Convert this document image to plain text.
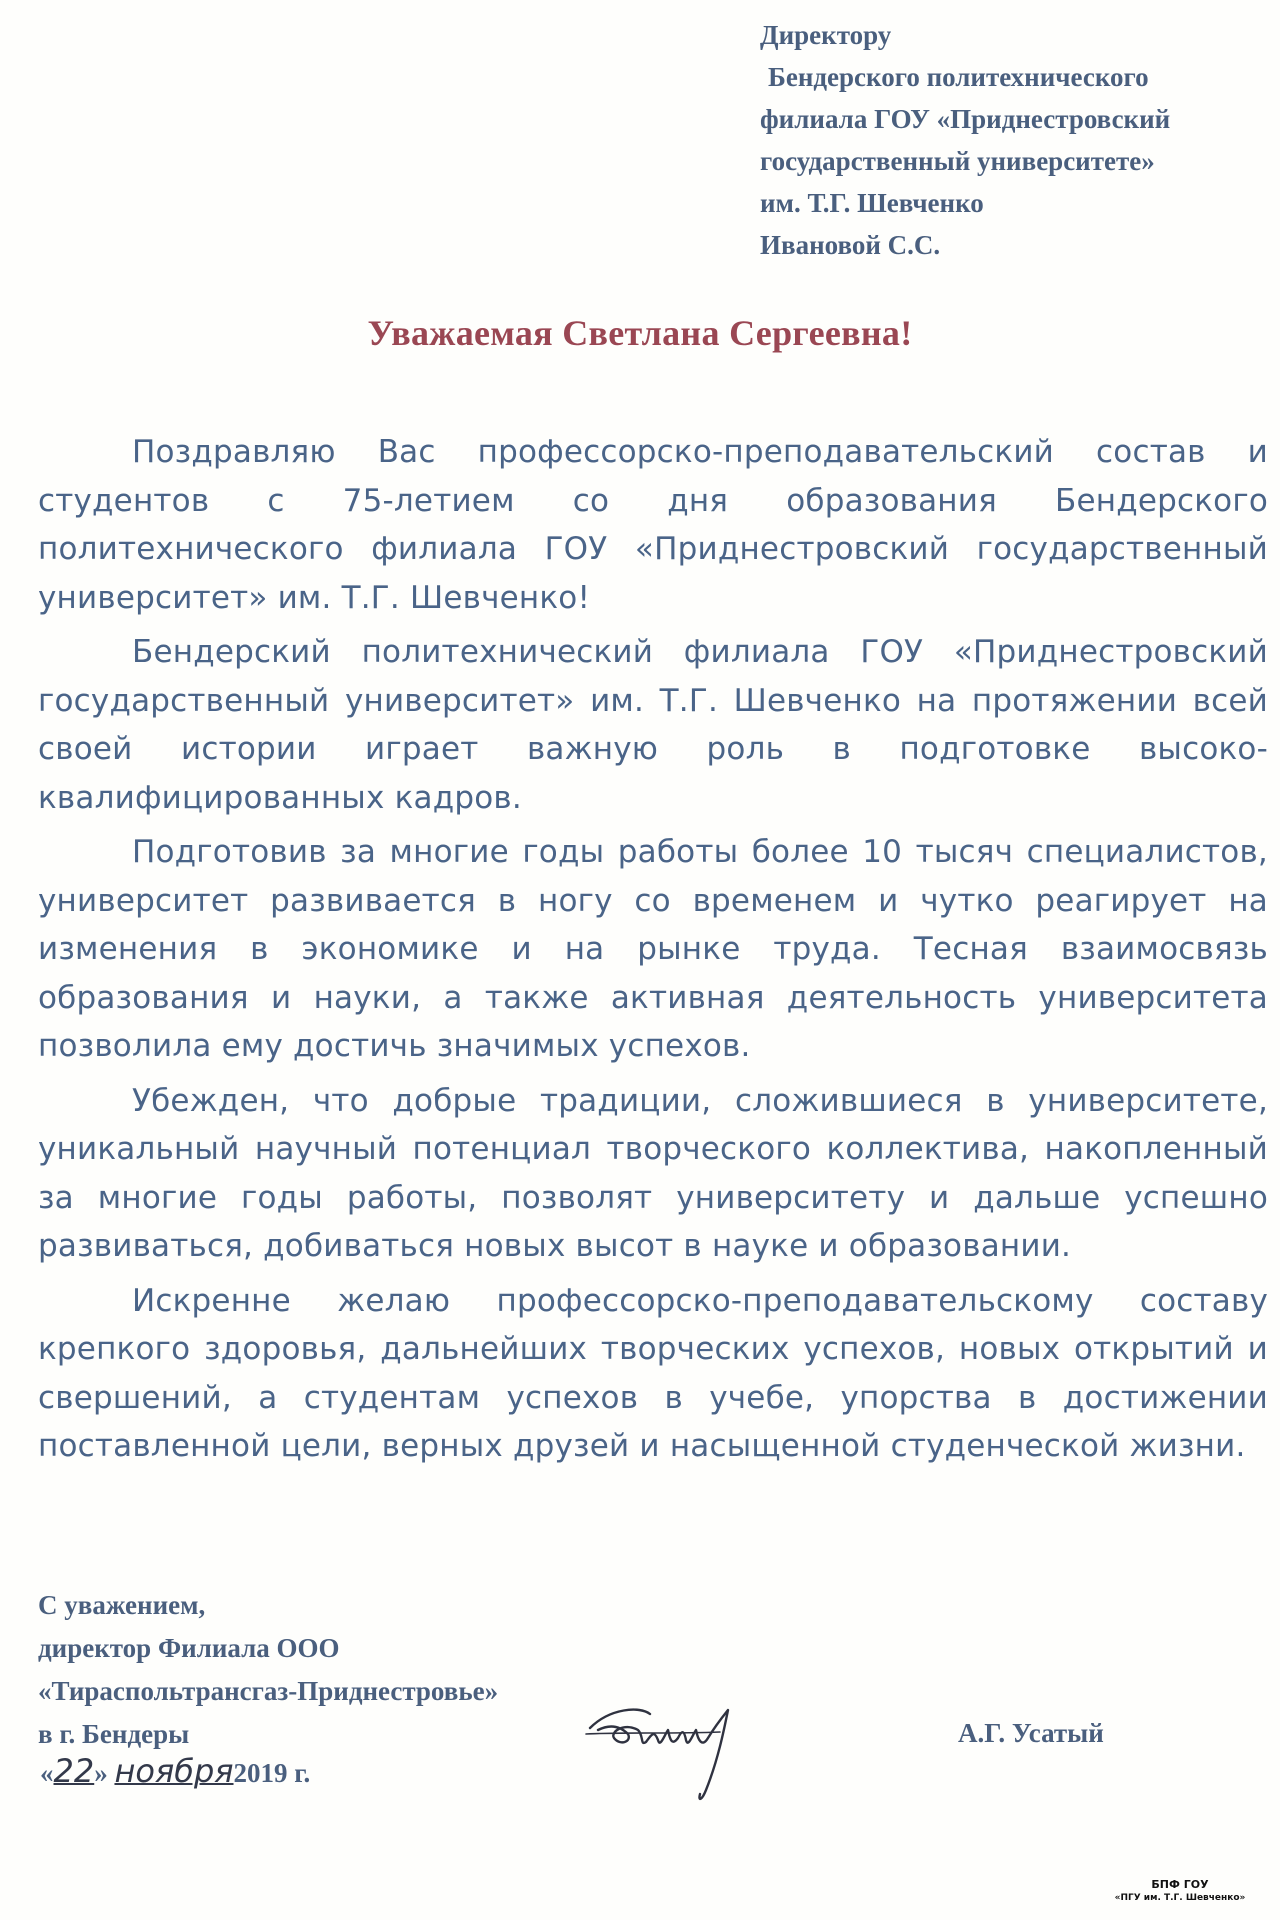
Директору
Бендерского политехнического
филиала ГОУ «Приднестровский
государственный университете»
им. Т.Г. Шевченко
Ивановой С.С.
Уважаемая Светлана Сергеевна!

Поздравляю Вас профессорско-преподавательский состав и студентов с 75-летием со дня образования Бендерского политехнического филиала ГОУ «Приднестровский государственный университет» им. Т.Г. Шевченко!

Бендерский политехнический филиала ГОУ «Приднестровский государственный университет» им. Т.Г. Шевченко на протяжении всей своей истории играет важную роль в подготовке высоко-квалифицированных кадров.

Подготовив за многие годы работы более 10 тысяч специалистов, университет развивается в ногу со временем и чутко реагирует на изменения в экономике и на рынке труда. Тесная взаимосвязь образования и науки, а также активная деятельность университета позволила ему достичь значимых успехов.

Убежден, что добрые традиции, сложившиеся в университете, уникальный научный потенциал творческого коллектива, накопленный за многие годы работы, позволят университету и дальше успешно развиваться, добиваться новых высот в науке и образовании.

Искренне желаю профессорско-преподавательскому составу крепкого здоровья, дальнейших творческих успехов, новых открытий и свершений, а студентам успехов в учебе, упорства в достижении поставленной цели, верных друзей и насыщенной студенческой жизни.

С уважением,
директор Филиала ООО
«Тираспольтрансгаз-Приднестровье»
в г. Бендеры
«22» ноября2019 г.
А.Г. Усатый
БПФ ГОУ
«ПГУ им. Т.Г. Шевченко»
